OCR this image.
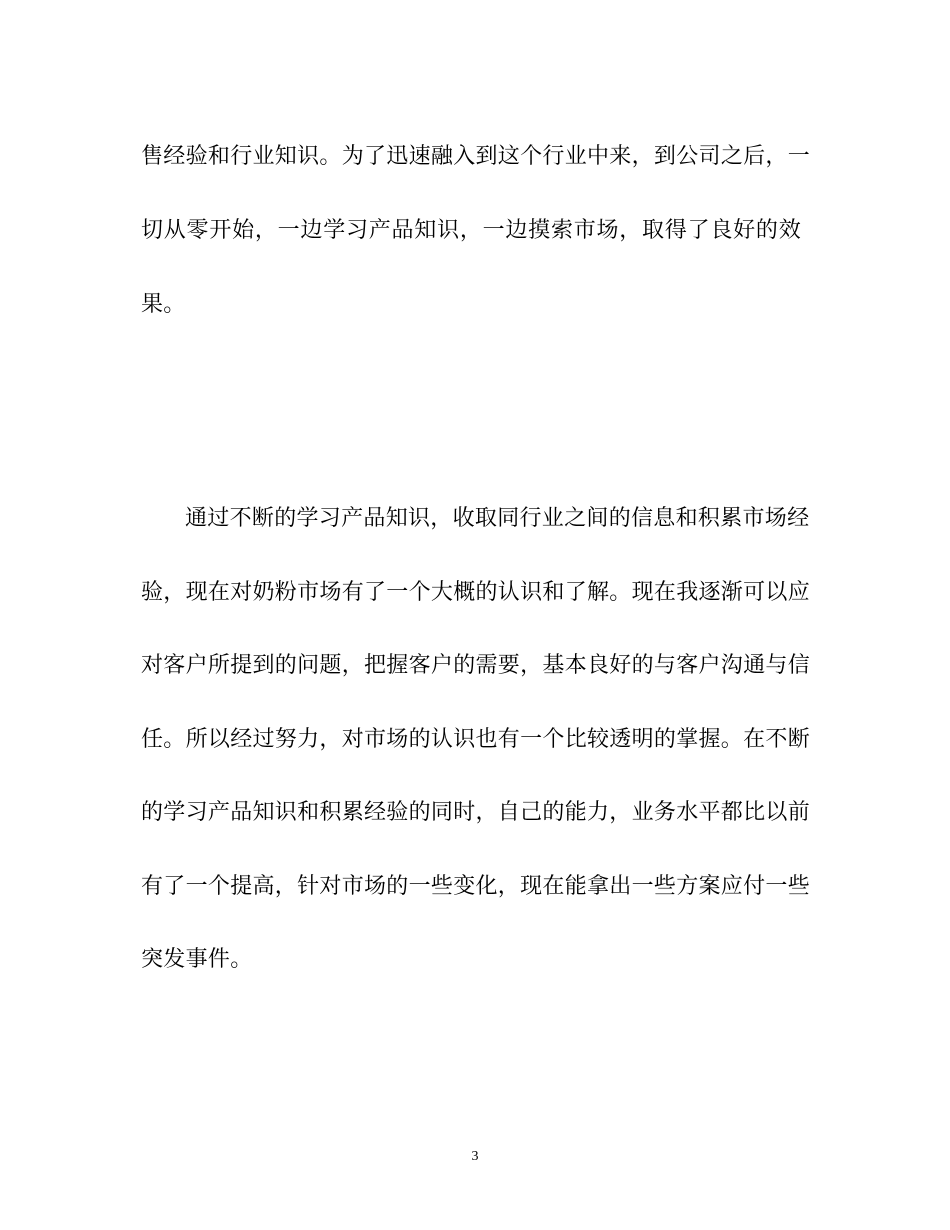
售经验和行业知识。为了迅速融入到这个行业中来，到公司之后，一
切从零开始，一边学习产品知识，一边摸索市场，取得了良好的效
果。
通过不断的学习产品知识，收取同行业之间的信息和积累市场经
验，现在对奶粉市场有了一个大概的认识和了解。现在我逐渐可以应
对客户所提到的问题，把握客户的需要，基本良好的与客户沟通与信
任。所以经过努力，对市场的认识也有一个比较透明的掌握。在不断
的学习产品知识和积累经验的同时，自己的能力，业务水平都比以前
有了一个提高，针对市场的一些变化，现在能拿出一些方案应付一些
突发事件。
3
